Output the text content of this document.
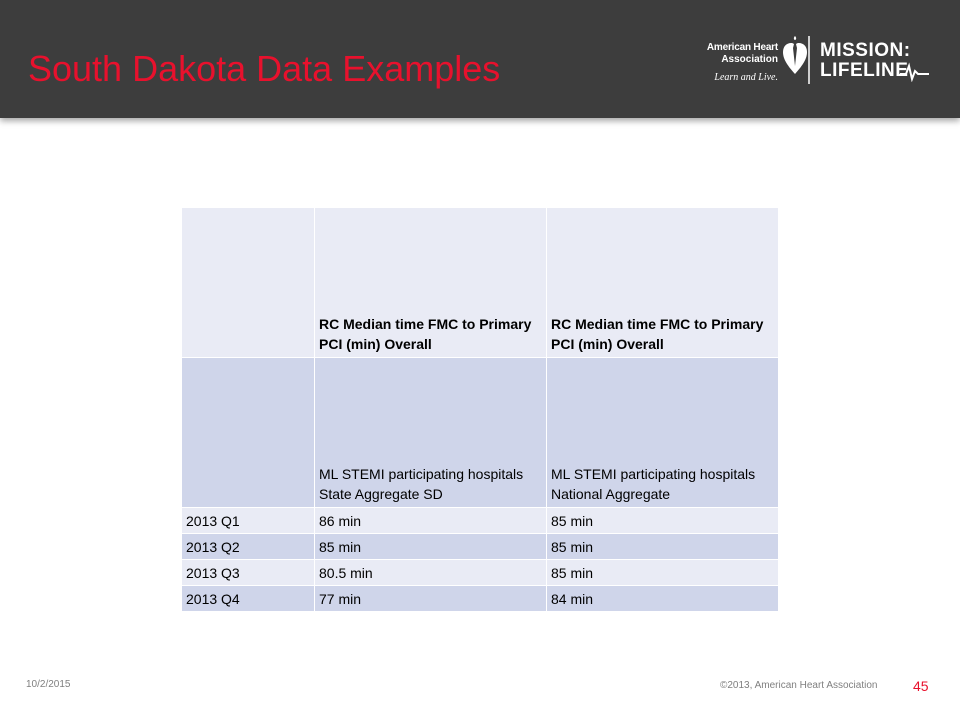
South Dakota Data Examples
American Heart
Association
Learn and Live.
MISSION:
LIFELINE
	RC Median time FMC to Primary PCI (min) Overall	RC Median time FMC to Primary PCI (min) Overall
	ML STEMI participating hospitals State Aggregate SD	ML STEMI participating hospitals National Aggregate
2013 Q1	86 min	85 min
2013 Q2	85 min	85 min
2013 Q3	80.5 min	85 min
2013 Q4	77 min	84 min
10/2/2015	©2013, American Heart Association	45
